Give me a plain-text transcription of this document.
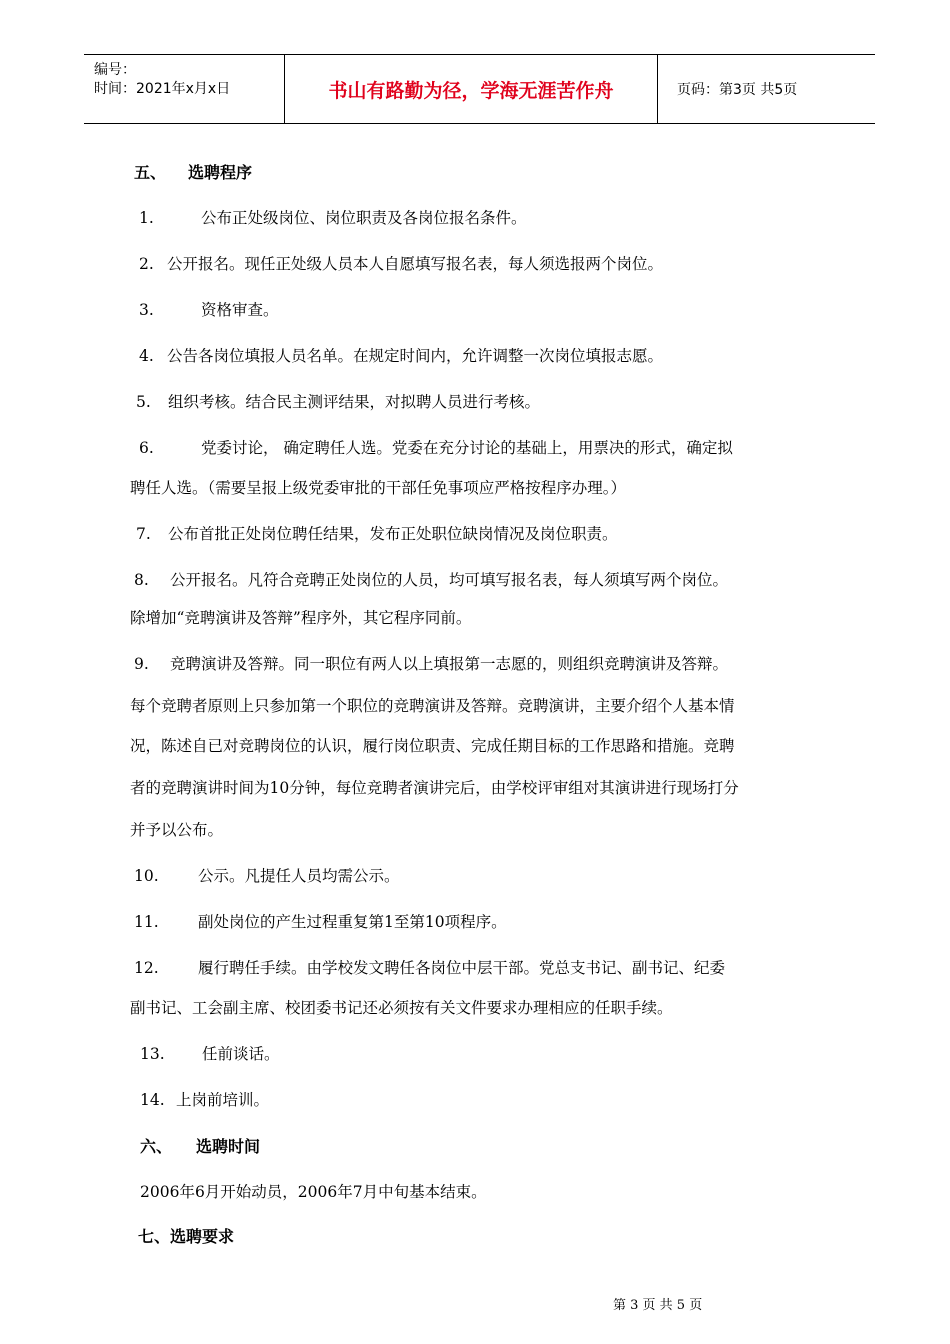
编号：
时间：2021年x月x日	书山有路勤为径，学海无涯苦作舟	页码：第3页 共5页
五、 选聘程序
1.	公布正处级岗位、岗位职责及各岗位报名条件。
2. 公开报名。现任正处级人员本人自愿填写报名表，每人须选报两个岗位。
3.	资格审查。
4. 公告各岗位填报人员名单。在规定时间内，允许调整一次岗位填报志愿。
5. 组织考核。结合民主测评结果，对拟聘人员进行考核。
6.	党委讨论， 确定聘任人选。党委在充分讨论的基础上，用票决的形式，确定拟
聘任人选。（需要呈报上级党委审批的干部任免事项应严格按程序办理。）
7. 公布首批正处岗位聘任结果，发布正处职位缺岗情况及岗位职责。
8. 公开报名。凡符合竞聘正处岗位的人员，均可填写报名表，每人须填写两个岗位。
除增加“竞聘演讲及答辩”程序外，其它程序同前。
9. 竞聘演讲及答辩。同一职位有两人以上填报第一志愿的，则组织竞聘演讲及答辩。
每个竞聘者原则上只参加第一个职位的竞聘演讲及答辩。竞聘演讲，主要介绍个人基本情
况，陈述自已对竞聘岗位的认识，履行岗位职责、完成任期目标的工作思路和措施。竞聘
者的竞聘演讲时间为10分钟，每位竞聘者演讲完后，由学校评审组对其演讲进行现场打分
并予以公布。
10.	公示。凡提任人员均需公示。
11.	副处岗位的产生过程重复第1至第10项程序。
12.	履行聘任手续。由学校发文聘任各岗位中层干部。党总支书记、副书记、纪委
副书记、工会副主席、校团委书记还必须按有关文件要求办理相应的任职手续。
13. 任前谈话。
14. 上岗前培训。
六、 选聘时间
2006年6月开始动员，2006年7月中旬基本结束。
七、选聘要求
第 3 页 共 5 页
